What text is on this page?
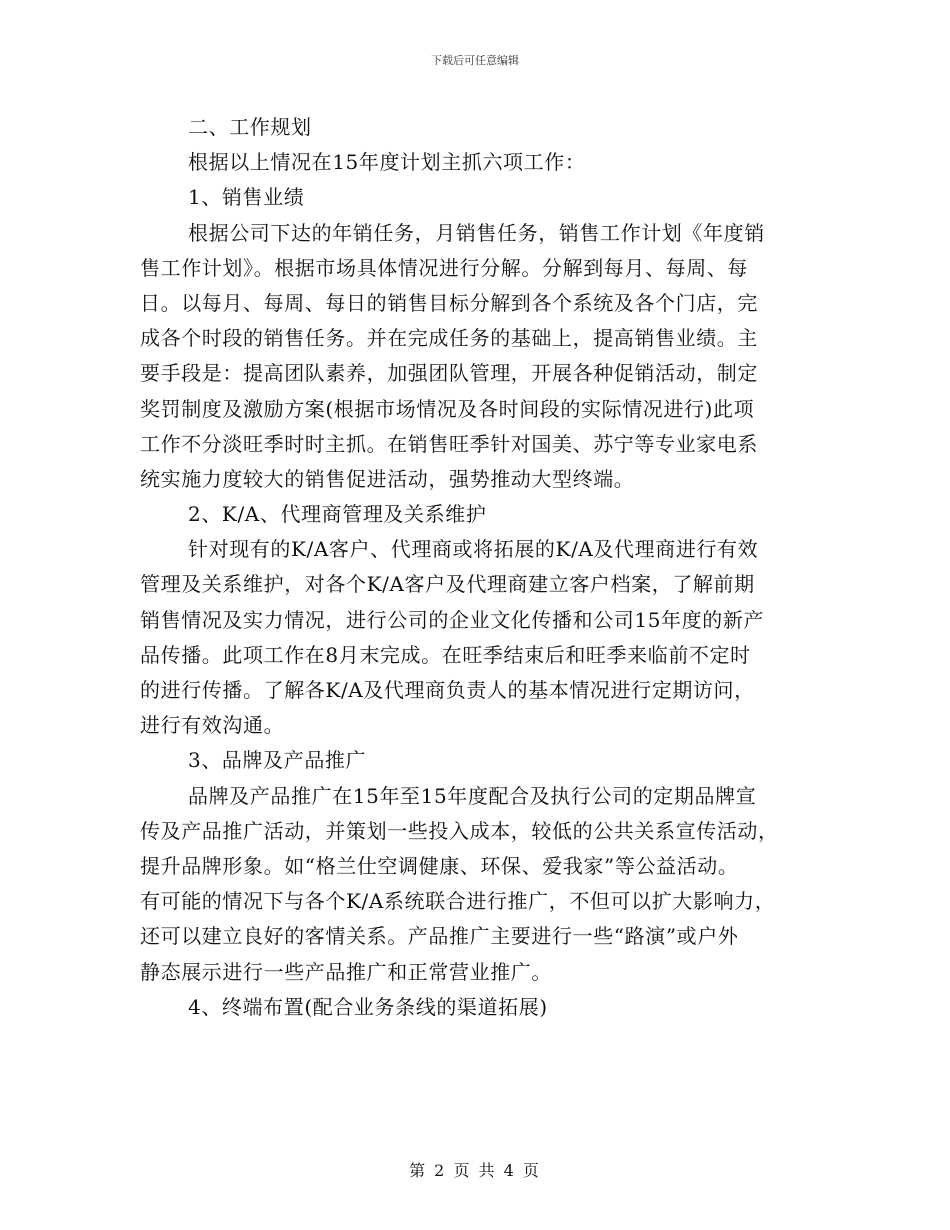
下载后可任意编辑
二、工作规划
根据以上情况在15年度计划主抓六项工作：
1、销售业绩
根据公司下达的年销任务，月销售任务，销售工作计划《年度销
售工作计划》。根据市场具体情况进行分解。分解到每月、每周、每
日。以每月、每周、每日的销售目标分解到各个系统及各个门店，完
成各个时段的销售任务。并在完成任务的基础上，提高销售业绩。主
要手段是：提高团队素养，加强团队管理，开展各种促销活动，制定
奖罚制度及激励方案(根据市场情况及各时间段的实际情况进行)此项
工作不分淡旺季时时主抓。在销售旺季针对国美、苏宁等专业家电系
统实施力度较大的销售促进活动，强势推动大型终端。
2、K/A、代理商管理及关系维护
针对现有的K/A客户、代理商或将拓展的K/A及代理商进行有效
管理及关系维护，对各个K/A客户及代理商建立客户档案，了解前期
销售情况及实力情况，进行公司的企业文化传播和公司15年度的新产
品传播。此项工作在8月末完成。在旺季结束后和旺季来临前不定时
的进行传播。了解各K/A及代理商负责人的基本情况进行定期访问，
进行有效沟通。
3、品牌及产品推广
品牌及产品推广在15年至15年度配合及执行公司的定期品牌宣
传及产品推广活动，并策划一些投入成本，较低的公共关系宣传活动，
提升品牌形象。如“格兰仕空调健康、环保、爱我家”等公益活动。
有可能的情况下与各个K/A系统联合进行推广，不但可以扩大影响力，
还可以建立良好的客情关系。产品推广主要进行一些“路演”或户外
静态展示进行一些产品推广和正常营业推广。
4、终端布置(配合业务条线的渠道拓展)
第 2 页 共 4 页
